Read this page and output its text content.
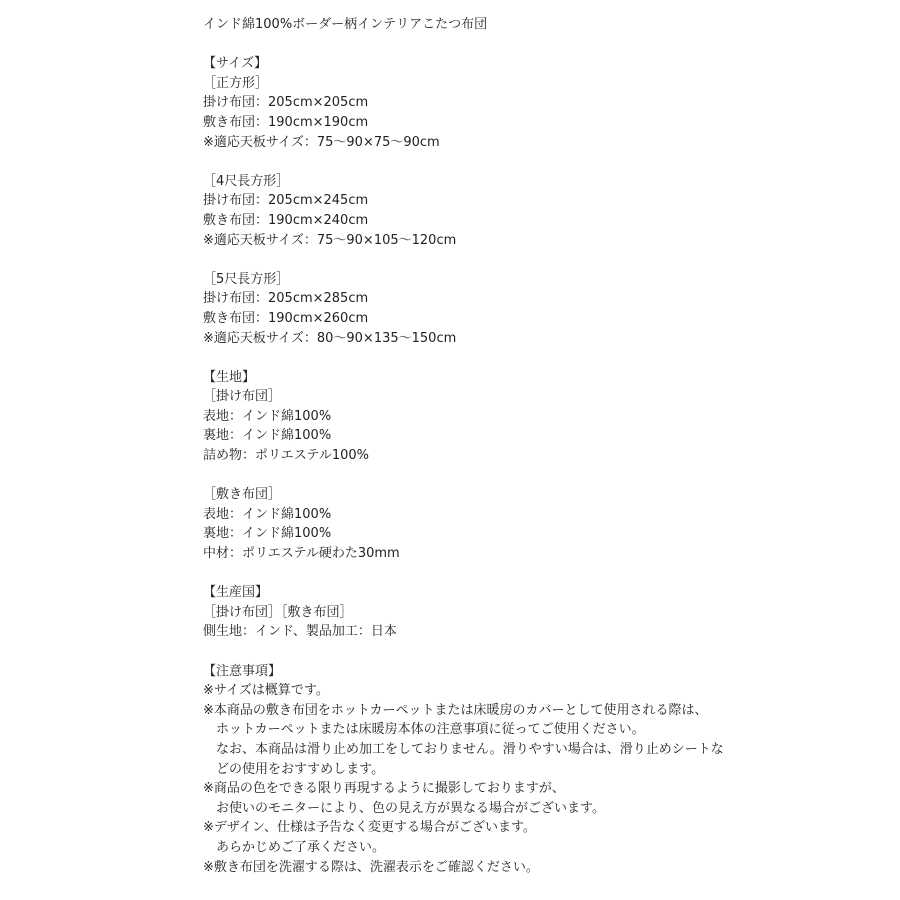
インド綿100%ボーダー柄インテリアこたつ布団
【サイズ】
［正方形］
掛け布団：205cm×205cm
敷き布団：190cm×190cm
※適応天板サイズ：75～90×75～90cm
［4尺長方形］
掛け布団：205cm×245cm
敷き布団：190cm×240cm
※適応天板サイズ：75～90×105～120cm
［5尺長方形］
掛け布団：205cm×285cm
敷き布団：190cm×260cm
※適応天板サイズ：80～90×135～150cm
【生地】
［掛け布団］
表地：インド綿100%
裏地：インド綿100%
詰め物：ポリエステル100%
［敷き布団］
表地：インド綿100%
裏地：インド綿100%
中材：ポリエステル硬わた30mm
【生産国】
［掛け布団］［敷き布団］
側生地：インド、製品加工：日本
【注意事項】
※サイズは概算です。
※本商品の敷き布団をホットカーペットまたは床暖房のカバーとして使用される際は、
　ホットカーペットまたは床暖房本体の注意事項に従ってご使用ください。
　なお、本商品は滑り止め加工をしておりません。滑りやすい場合は、滑り止めシートな
　どの使用をおすすめします。
※商品の色をできる限り再現するように撮影しておりますが、
　お使いのモニターにより、色の見え方が異なる場合がございます。
※デザイン、仕様は予告なく変更する場合がございます。
　あらかじめご了承ください。
※敷き布団を洗濯する際は、洗濯表示をご確認ください。
